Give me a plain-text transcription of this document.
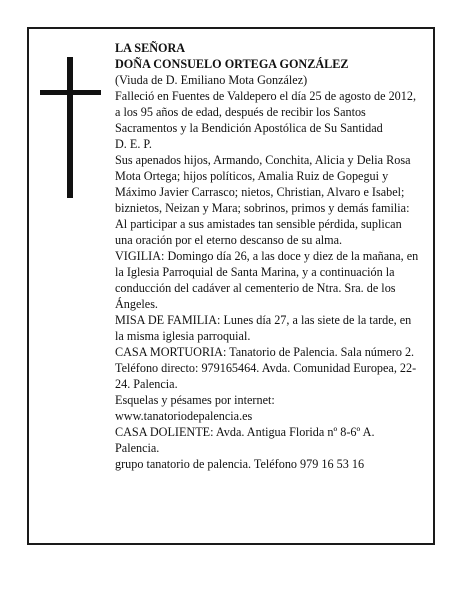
LA SEÑORA

DOÑA CONSUELO ORTEGA GONZÁLEZ

(Viuda de D. Emiliano Mota González)

Falleció en Fuentes de Valdepero el día 25 de agosto de 2012, a los 95 años de edad, después de recibir los Santos Sacramentos y la Bendición Apostólica de Su Santidad

D. E. P.

Sus apenados hijos, Armando, Conchita, Alicia y Delia Rosa Mota Ortega; hijos políticos, Amalia Ruiz de Gopegui y Máximo Javier Carrasco; nietos, Christian, Alvaro e Isabel; biznietos, Neizan y Mara; sobrinos, primos y demás familia:

Al participar a sus amistades tan sensible pérdida, suplican una oración por el eterno descanso de su alma.

VIGILIA: Domingo día 26, a las doce y diez de la mañana, en la Iglesia Parroquial de Santa Marina, y a continuación la conducción del cadáver al cementerio de Ntra. Sra. de los Ángeles.

MISA DE FAMILIA: Lunes día 27, a las siete de la tarde, en la misma iglesia parroquial.

CASA MORTUORIA: Tanatorio de Palencia. Sala número 2. Teléfono directo: 979165464. Avda. Comunidad Europea, 22-24. Palencia.

Esquelas y pésames por internet:

www.tanatoriodepalencia.es

CASA DOLIENTE: Avda. Antigua Florida nº 8-6º A. Palencia.

grupo tanatorio de palencia. Teléfono 979 16 53 16
